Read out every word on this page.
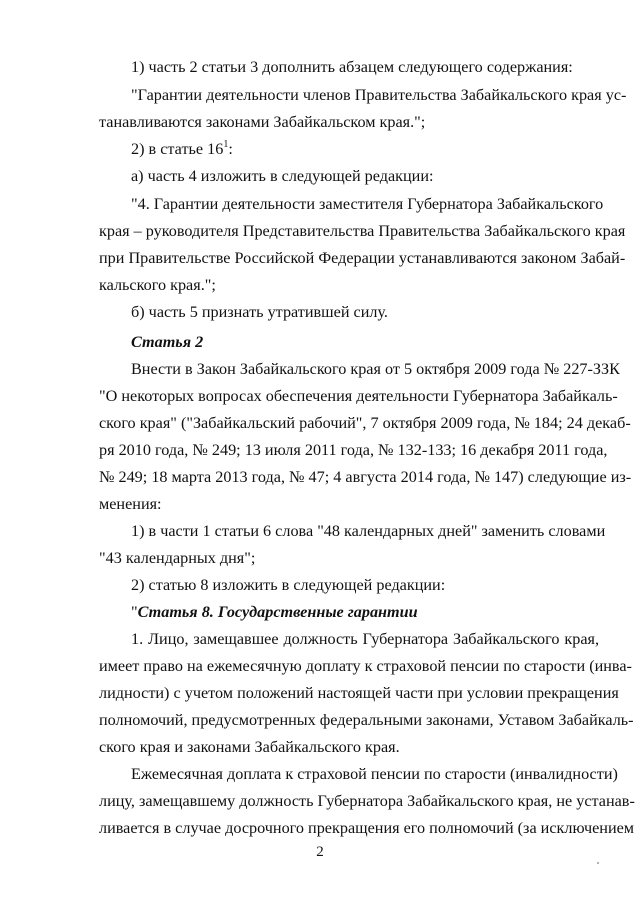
1) часть 2 статьи 3 дополнить абзацем следующего содержания:

"Гарантии деятельности членов Правительства Забайкальского края ус-

танавливаются законами Забайкальском края.";

2) в статье $16^1$:

а) часть 4 изложить в следующей редакции:

"4. Гарантии деятельности заместителя Губернатора Забайкальского

края – руководителя Представительства Правительства Забайкальского края

при Правительстве Российской Федерации устанавливаются законом Забай-

кальского края.";

б) часть 5 признать утратившей силу.

Статья 2

Внести в Закон Забайкальского края от 5 октября 2009 года № 227-ЗЗК

"О некоторых вопросах обеспечения деятельности Губернатора Забайкаль-

ского края" ("Забайкальский рабочий", 7 октября 2009 года, № 184; 24 декаб-

ря 2010 года, № 249; 13 июля 2011 года, № 132-133; 16 декабря 2011 года,

№ 249; 18 марта 2013 года, № 47; 4 августа 2014 года, № 147) следующие из-

менения:

1) в части 1 статьи 6 слова "48 календарных дней" заменить словами

"43 календарных дня";

2) статью 8 изложить в следующей редакции:

"Статья 8. Государственные гарантии

1. Лицо, замещавшее должность Губернатора Забайкальского края,

имеет право на ежемесячную доплату к страховой пенсии по старости (инва-

лидности) с учетом положений настоящей части при условии прекращения

полномочий, предусмотренных федеральными законами, Уставом Забайкаль-

ского края и законами Забайкальского края.

Ежемесячная доплата к страховой пенсии по старости (инвалидности)

лицу, замещавшему должность Губернатора Забайкальского края, не устанав-

ливается в случае досрочного прекращения его полномочий (за исключением

2
